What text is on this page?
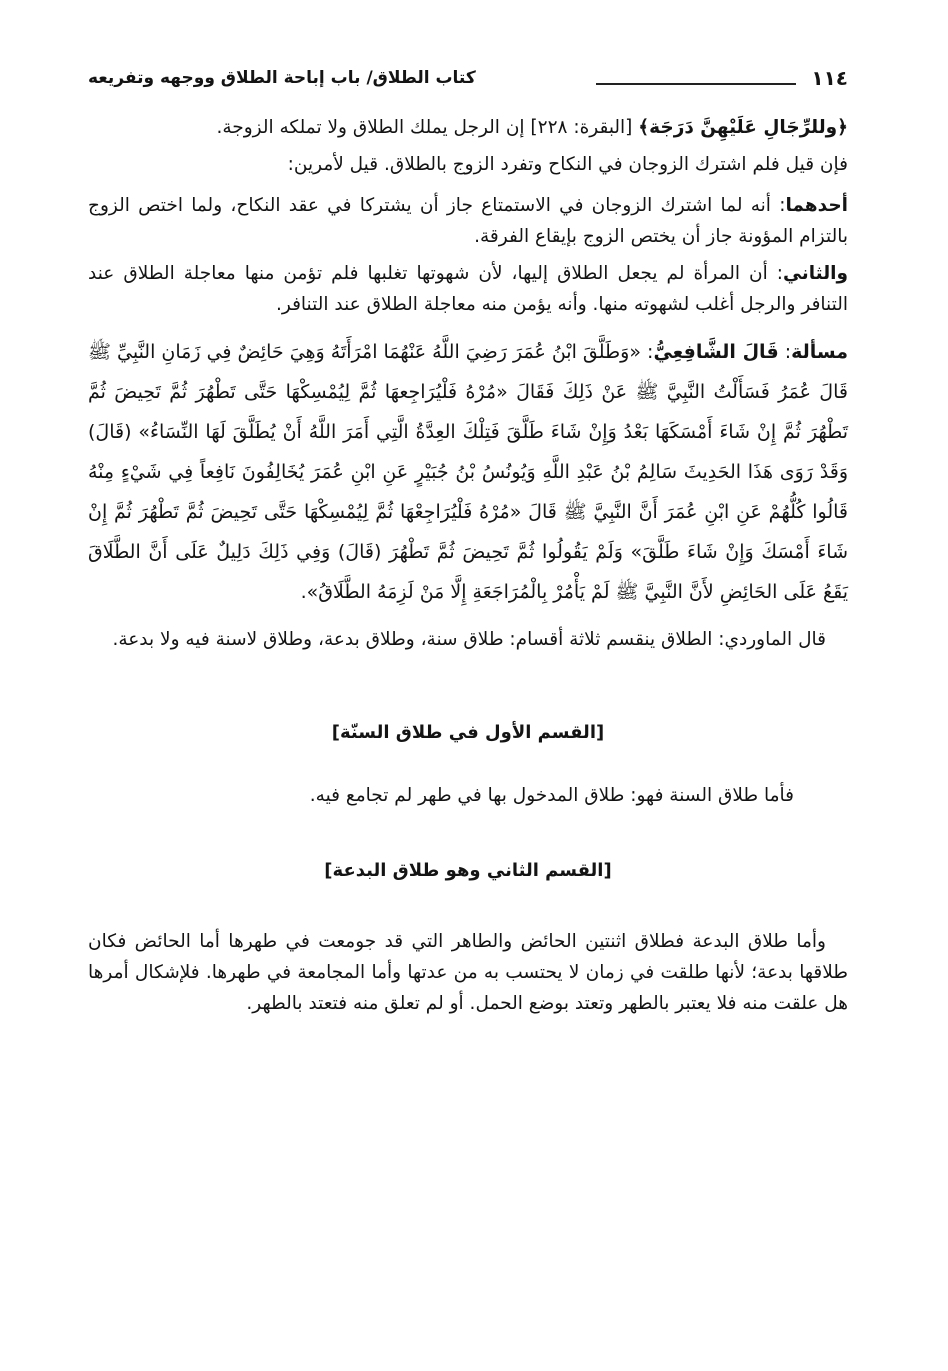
١١٤
كتاب الطلاق/ باب إباحة الطلاق ووجهه وتفريعه

﴿وللرِّجَالِ عَلَيْهِنَّ دَرَجَة﴾ [البقرة: ٢٢٨] إن الرجل يملك الطلاق ولا تملكه الزوجة.

فإن قيل فلم اشترك الزوجان في النكاح وتفرد الزوج بالطلاق. قيل لأمرين:

أحدهما: أنه لما اشترك الزوجان في الاستمتاع جاز أن يشتركا في عقد النكاح، ولما اختص الزوج بالتزام المؤونة جاز أن يختص الزوج بإيقاع الفرقة.

والثاني: أن المرأة لم يجعل الطلاق إليها، لأن شهوتها تغلبها فلم تؤمن منها معاجلة الطلاق عند التنافر والرجل أغلب لشهوته منها. وأنه يؤمن منه معاجلة الطلاق عند التنافر.

مسألة: قَالَ الشَّافِعِيُّ: «وَطَلَّقَ ابْنُ عُمَرَ رَضِيَ اللَّهُ عَنْهُمَا امْرَأَتَهُ وَهِيَ حَائِضٌ فِي زَمَانِ النَّبِيِّ ﷺ قَالَ عُمَرُ فَسَأَلْتُ النَّبِيَّ ﷺ عَنْ ذَلِكَ فَقَالَ «مُرْهُ فَلْيُرَاجِعهَا ثُمَّ لِيُمْسِكْهَا حَتَّى تَطْهُرَ ثُمَّ تَحِيضَ ثُمَّ تَطْهُرَ ثُمَّ إِنْ شَاءَ أَمْسَكَهَا بَعْدُ وَإِنْ شَاءَ طَلَّقَ فَتِلْكَ العِدَّةُ الَّتِي أَمَرَ اللَّهُ أَنْ يُطَلَّقَ لَهَا النِّسَاءُ» (قَالَ) وَقَدْ رَوَى هَذَا الحَدِيثَ سَالِمُ بْنُ عَبْدِ اللَّهِ وَيُونُسُ بْنُ جُبَيْرٍ عَنِ ابْنِ عُمَرَ يُخَالِفُونَ نَافِعاً فِي شَيْءٍ مِنْهُ قَالُوا كُلُّهُمْ عَنِ ابْنِ عُمَرَ أَنَّ النَّبِيَّ ﷺ قَالَ «مُرْهُ فَلْيُرَاجِعْهَا ثُمَّ لِيُمْسِكْهَا حَتَّى تَحِيضَ ثُمَّ تَطْهُرَ ثُمَّ إِنْ شَاءَ أَمْسَكَ وَإِنْ شَاءَ طَلَّقَ» وَلَمْ يَقُولُوا ثُمَّ تَحِيضَ ثُمَّ تَطْهُرَ (قَالَ) وَفِي ذَلِكَ دَلِيلٌ عَلَى أَنَّ الطَّلَاقَ يَقَعُ عَلَى الحَائِضِ لأَنَّ النَّبِيَّ ﷺ لَمْ يَأْمُرْ بِالْمُرَاجَعَةِ إِلَّا مَنْ لَزِمَهُ الطَّلَاقُ».

قال الماوردي: الطلاق ينقسم ثلاثة أقسام: طلاق سنة، وطلاق بدعة، وطلاق لاسنة فيه ولا بدعة.

[القسم الأول في طلاق السنّة]

فأما طلاق السنة فهو: طلاق المدخول بها في طهر لم تجامع فيه.

[القسم الثاني وهو طلاق البدعة]

وأما طلاق البدعة فطلاق اثنتين الحائض والطاهر التي قد جومعت في طهرها أما الحائض فكان طلاقها بدعة؛ لأنها طلقت في زمان لا يحتسب به من عدتها وأما المجامعة في طهرها. فلإشكال أمرها هل علقت منه فلا يعتبر بالطهر وتعتد بوضع الحمل. أو لم تعلق منه فتعتد بالطهر.
